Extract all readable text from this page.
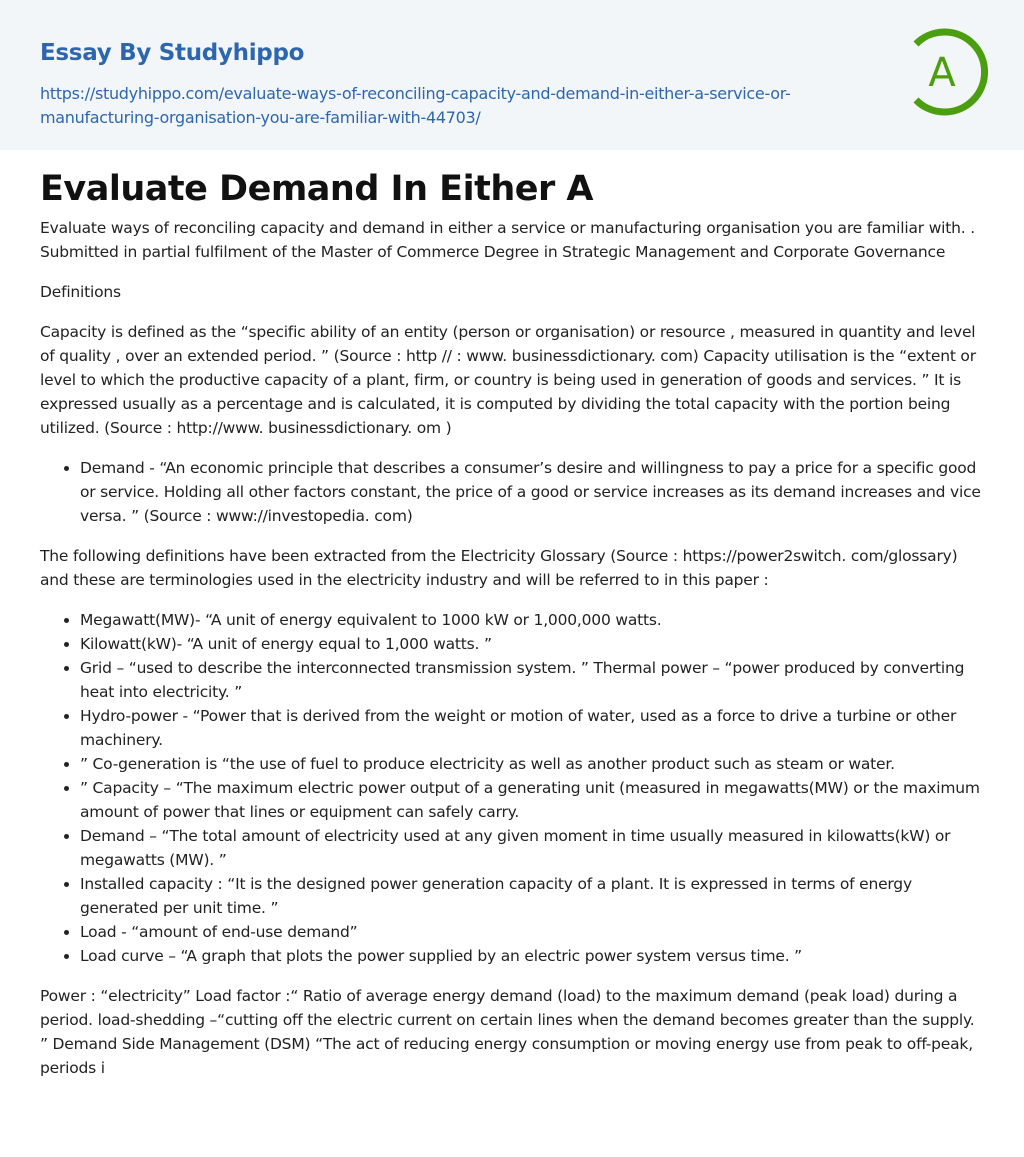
Essay By Studyhippo
https://studyhippo.com/evaluate-ways-of-reconciling-capacity-and-demand-in-either-a-service-or-manufacturing-organisation-you-are-familiar-with-44703/
A
Evaluate Demand In Either A

Evaluate ways of reconciling capacity and demand in either a service or manufacturing organisation you are familiar with. . Submitted in partial fulfilment of the Master of Commerce Degree in Strategic Management and Corporate Governance

Definitions

Capacity is defined as the “specific ability of an entity (person or organisation) or resource , measured in quantity and level of quality , over an extended period. ” (Source : http // : www. businessdictionary. com) Capacity utilisation is the “extent or level to which the productive capacity of a plant, firm, or country is being used in generation of goods and services. ” It is expressed usually as a percentage and is calculated, it is computed by dividing the total capacity with the portion being utilized. (Source : http://www. businessdictionary. om )

• Demand - “An economic principle that describes a consumer’s desire and willingness to pay a price for a specific good or service. Holding all other factors constant, the price of a good or service increases as its demand increases and vice versa. ” (Source : www://investopedia. com)

The following definitions have been extracted from the Electricity Glossary (Source : https://power2switch. com/glossary) and these are terminologies used in the electricity industry and will be referred to in this paper :

• Megawatt(MW)- “A unit of energy equivalent to 1000 kW or 1,000,000 watts.
• Kilowatt(kW)- “A unit of energy equal to 1,000 watts. ”
• Grid – “used to describe the interconnected transmission system. ” Thermal power – “power produced by converting heat into electricity. ”
• Hydro-power - “Power that is derived from the weight or motion of water, used as a force to drive a turbine or other machinery.
• ” Co-generation is “the use of fuel to produce electricity as well as another product such as steam or water.
• ” Capacity – “The maximum electric power output of a generating unit (measured in megawatts(MW) or the maximum amount of power that lines or equipment can safely carry.
• Demand – “The total amount of electricity used at any given moment in time usually measured in kilowatts(kW) or megawatts (MW). ”
• Installed capacity : “It is the designed power generation capacity of a plant. It is expressed in terms of energy generated per unit time. ”
• Load - “amount of end-use demand”
• Load curve – “A graph that plots the power supplied by an electric power system versus time. ”

Power : “electricity” Load factor :“ Ratio of average energy demand (load) to the maximum demand (peak load) during a period. load-shedding –“cutting off the electric current on certain lines when the demand becomes greater than the supply. ” Demand Side Management (DSM) “The act of reducing energy consumption or moving energy use from peak to off-peak, periods i
